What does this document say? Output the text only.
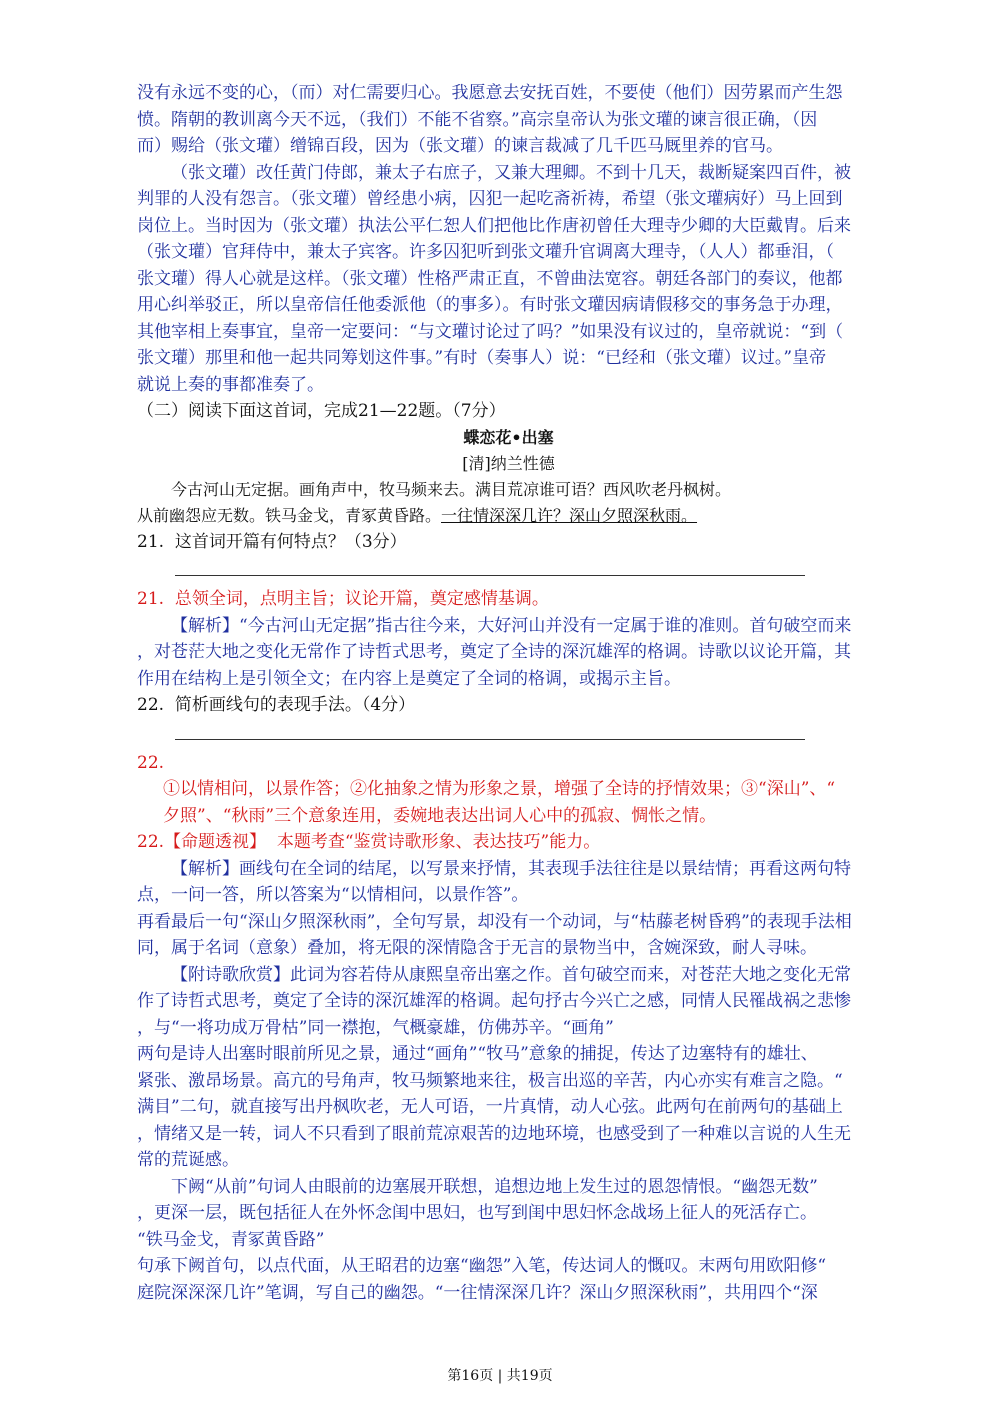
没有永远不变的心，（而）对仁需要归心。我愿意去安抚百姓，不要使（他们）因劳累而产生怨

愤。隋朝的教训离今天不远，（我们）不能不省察。”高宗皇帝认为张文瓘的谏言很正确，（因

而）赐给（张文瓘）缯锦百段，因为（张文瓘）的谏言裁减了几千匹马厩里养的官马。

（张文瓘）改任黄门侍郎，兼太子右庶子，又兼大理卿。不到十几天，裁断疑案四百件，被

判罪的人没有怨言。（张文瓘）曾经患小病，囚犯一起吃斋祈祷，希望（张文瓘病好）马上回到

岗位上。当时因为（张文瓘）执法公平仁恕人们把他比作唐初曾任大理寺少卿的大臣戴胄。后来

（张文瓘）官拜侍中，兼太子宾客。许多囚犯听到张文瓘升官调离大理寺，（人人）都垂泪，（

张文瓘）得人心就是这样。（张文瓘）性格严肃正直，不曾曲法宽容。朝廷各部门的奏议，他都

用心纠举驳正，所以皇帝信任他委派他（的事多）。有时张文瓘因病请假移交的事务急于办理，

其他宰相上奏事宜，皇帝一定要问：“与文瓘讨论过了吗？”如果没有议过的，皇帝就说：“到（

张文瓘）那里和他一起共同筹划这件事。”有时（奏事人）说：“已经和（张文瓘）议过。”皇帝

就说上奏的事都准奏了。

（二）阅读下面这首词，完成21—22题。（7分）

蝶恋花•出塞

[清]纳兰性德

今古河山无定据。画角声中，牧马频来去。满目荒凉谁可语？西风吹老丹枫树。

从前幽怨应无数。铁马金戈，青冢黄昏路。一往情深深几许？深山夕照深秋雨。

21.  这首词开篇有何特点？（3分）

21.  总领全词，点明主旨；议论开篇，奠定感情基调。

【解析】“今古河山无定据”指古往今来，大好河山并没有一定属于谁的准则。首句破空而来

，对苍茫大地之变化无常作了诗哲式思考，奠定了全诗的深沉雄浑的格调。诗歌以议论开篇，其

作用在结构上是引领全文；在内容上是奠定了全词的格调，或揭示主旨。

22.  简析画线句的表现手法。（4分）

22.

①以情相问，以景作答；②化抽象之情为形象之景，增强了全诗的抒情效果；③“深山”、“

夕照”、“秋雨”三个意象连用，委婉地表达出词人心中的孤寂、惆怅之情。

22.【命题透视】  本题考查“鉴赏诗歌形象、表达技巧”能力。

【解析】画线句在全词的结尾，以写景来抒情，其表现手法往往是以景结情；再看这两句特

点，一问一答，所以答案为“以情相问，以景作答”。

再看最后一句“深山夕照深秋雨”，全句写景，却没有一个动词，与“枯藤老树昏鸦”的表现手法相

同，属于名词（意象）叠加，将无限的深情隐含于无言的景物当中，含婉深致，耐人寻味。

【附诗歌欣赏】此词为容若侍从康熙皇帝出塞之作。首句破空而来，对苍茫大地之变化无常

作了诗哲式思考，奠定了全诗的深沉雄浑的格调。起句抒古今兴亡之感，同情人民罹战祸之悲惨

，与“一将功成万骨枯”同一襟抱，气概豪雄，仿佛苏辛。“画角”

两句是诗人出塞时眼前所见之景，通过“画角”“牧马”意象的捕捉，传达了边塞特有的雄壮、

紧张、激昂场景。高亢的号角声，牧马频繁地来往，极言出巡的辛苦，内心亦实有难言之隐。“

满目”二句，就直接写出丹枫吹老，无人可语，一片真情，动人心弦。此两句在前两句的基础上

，情绪又是一转，词人不只看到了眼前荒凉艰苦的边地环境，也感受到了一种难以言说的人生无

常的荒诞感。

下阙“从前”句词人由眼前的边塞展开联想，追想边地上发生过的恩怨情恨。“幽怨无数”

，更深一层，既包括征人在外怀念闺中思妇，也写到闺中思妇怀念战场上征人的死活存亡。

“铁马金戈，青冢黄昏路”

句承下阙首句，以点代面，从王昭君的边塞“幽怨”入笔，传达词人的慨叹。末两句用欧阳修“

庭院深深深几许”笔调，写自己的幽怨。“一往情深深几许？深山夕照深秋雨”，共用四个“深

第16页 | 共19页
